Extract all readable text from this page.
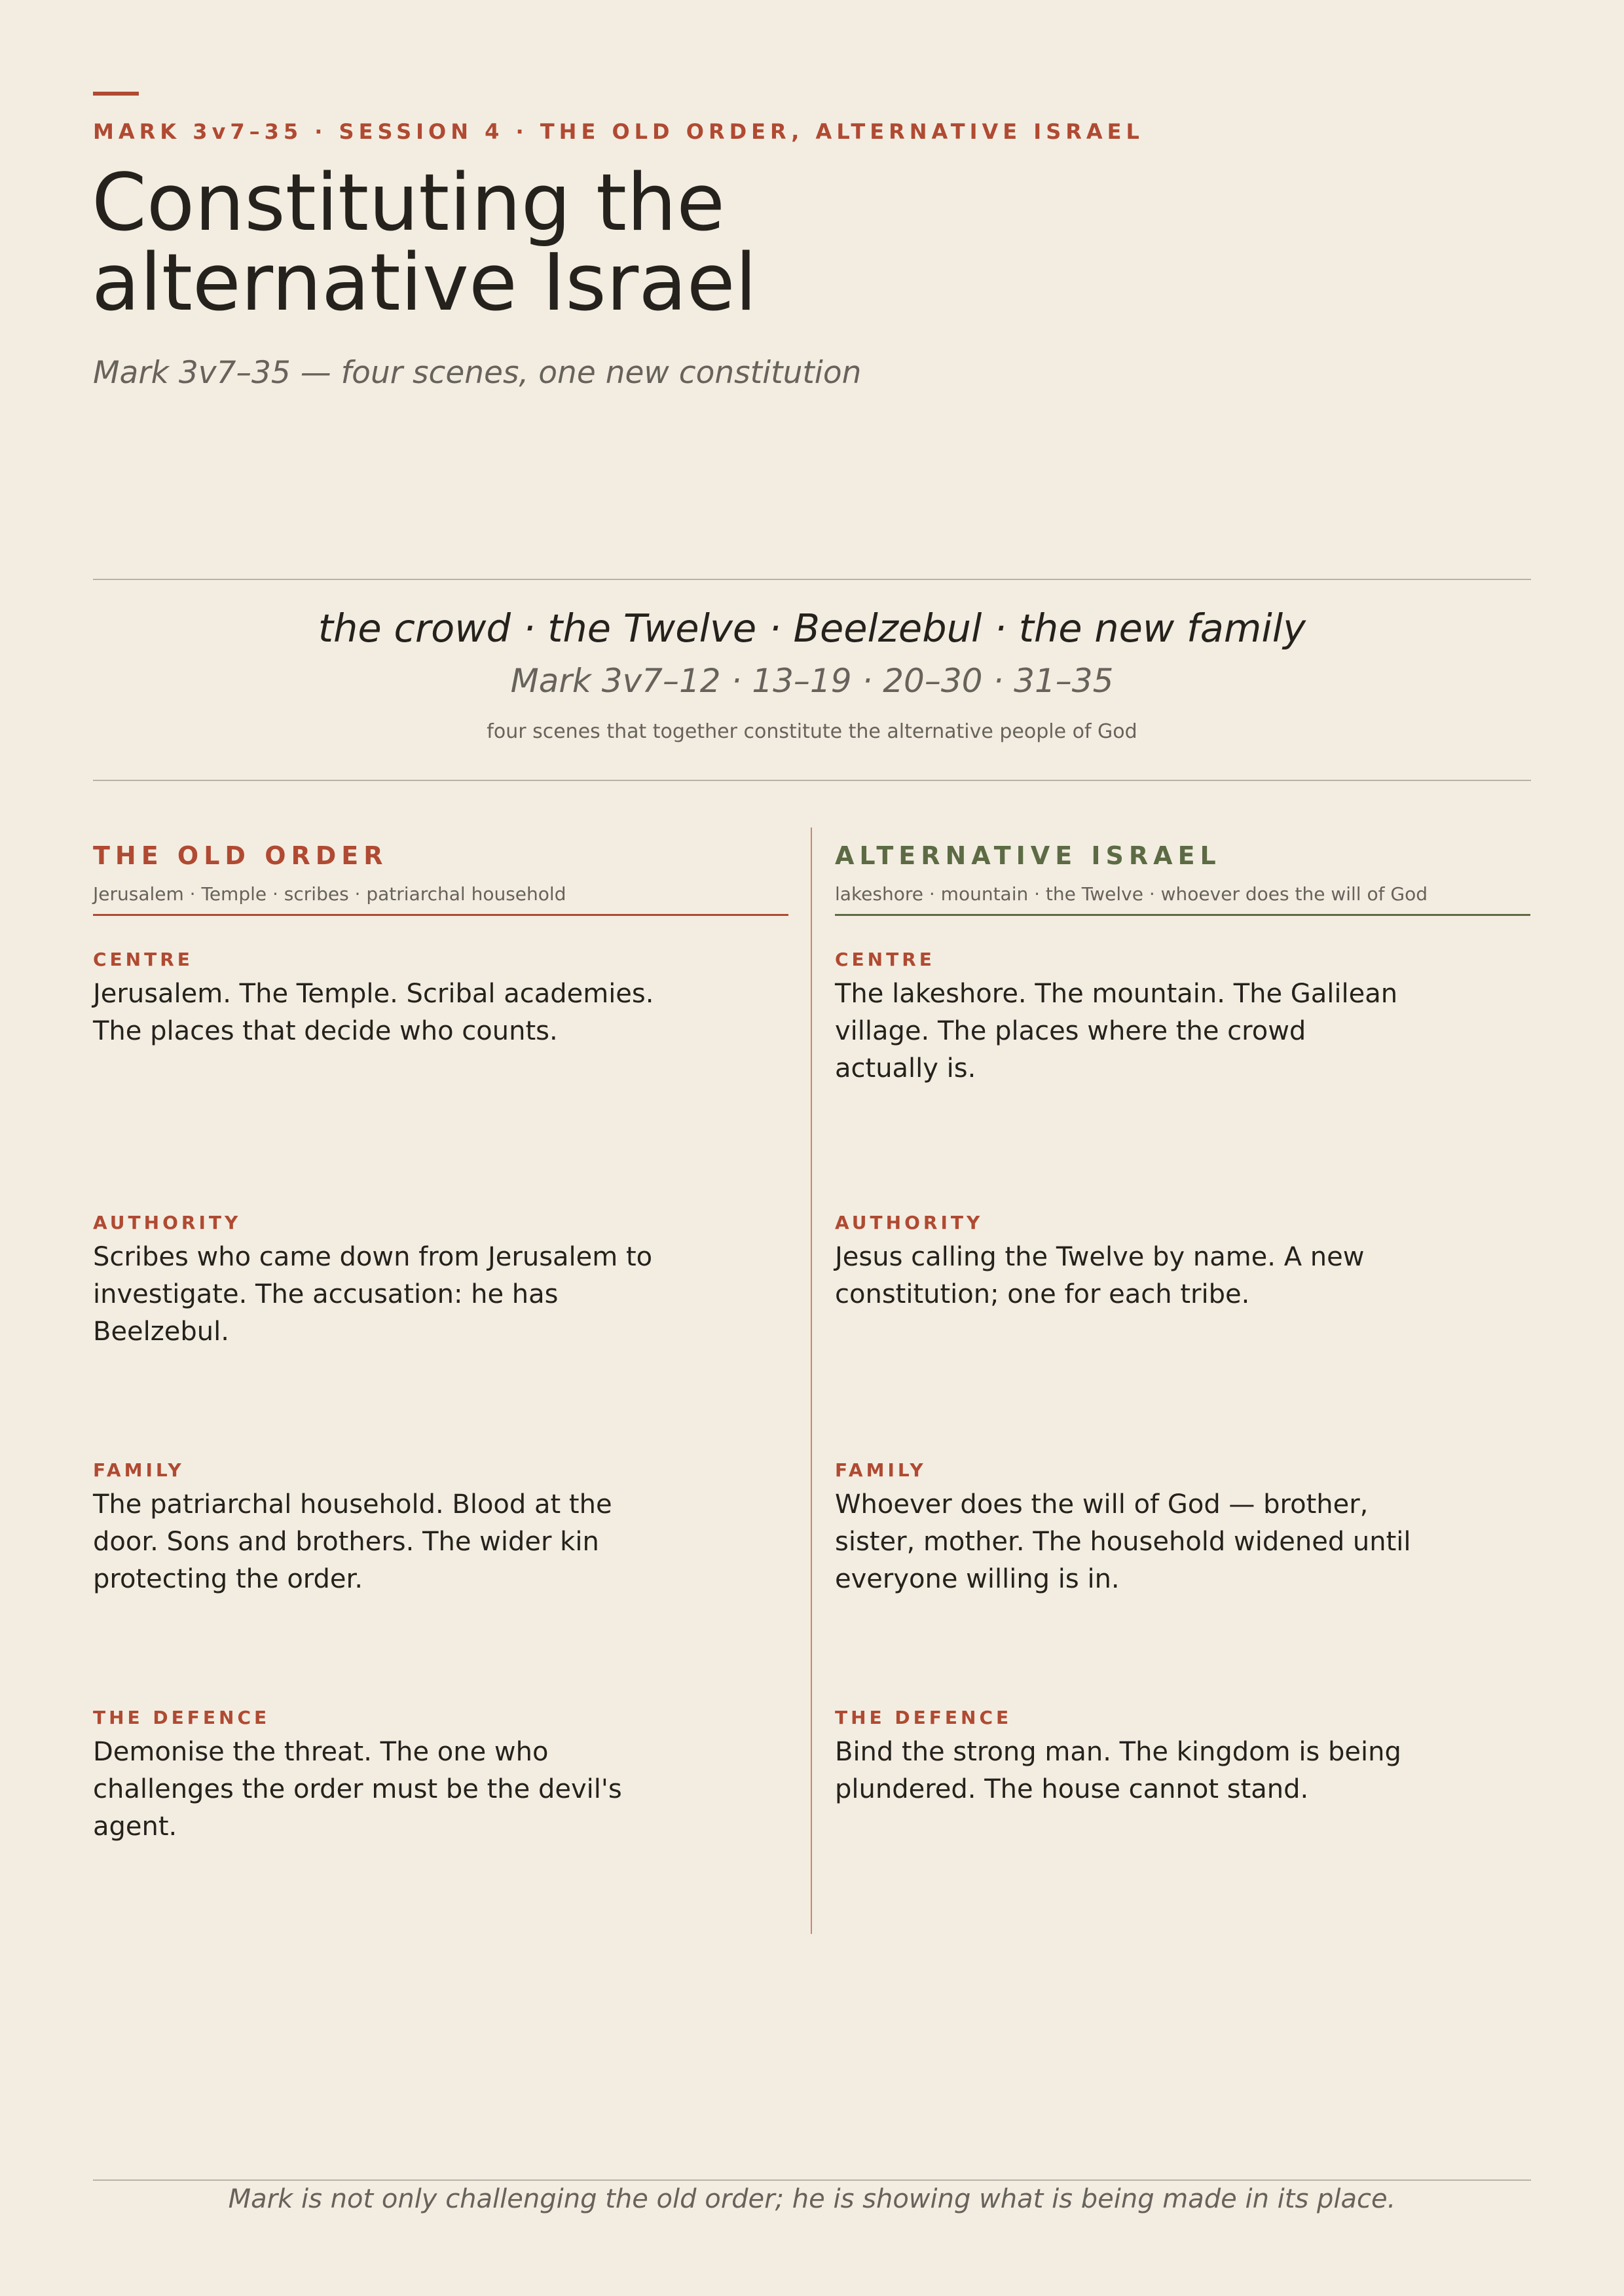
MARK 3v7–35 · SESSION 4 · THE OLD ORDER, ALTERNATIVE ISRAEL
Constituting the alternative Israel
Mark 3v7–35 — four scenes, one new constitution
the crowd · the Twelve · Beelzebul · the new family
Mark 3v7–12 · 13–19 · 20–30 · 31–35
four scenes that together constitute the alternative people of God
THE OLD ORDER
Jerusalem · Temple · scribes · patriarchal household
CENTRE
Jerusalem. The Temple. Scribal academies. The places that decide who counts.
AUTHORITY
Scribes who came down from Jerusalem to investigate. The accusation: he has Beelzebul.
FAMILY
The patriarchal household. Blood at the door. Sons and brothers. The wider kin protecting the order.
THE DEFENCE
Demonise the threat. The one who challenges the order must be the devil's agent.
ALTERNATIVE ISRAEL
lakeshore · mountain · the Twelve · whoever does the will of God
CENTRE
The lakeshore. The mountain. The Galilean village. The places where the crowd actually is.
AUTHORITY
Jesus calling the Twelve by name. A new constitution; one for each tribe.
FAMILY
Whoever does the will of God — brother, sister, mother. The household widened until everyone willing is in.
THE DEFENCE
Bind the strong man. The kingdom is being plundered. The house cannot stand.
Mark is not only challenging the old order; he is showing what is being made in its place.
